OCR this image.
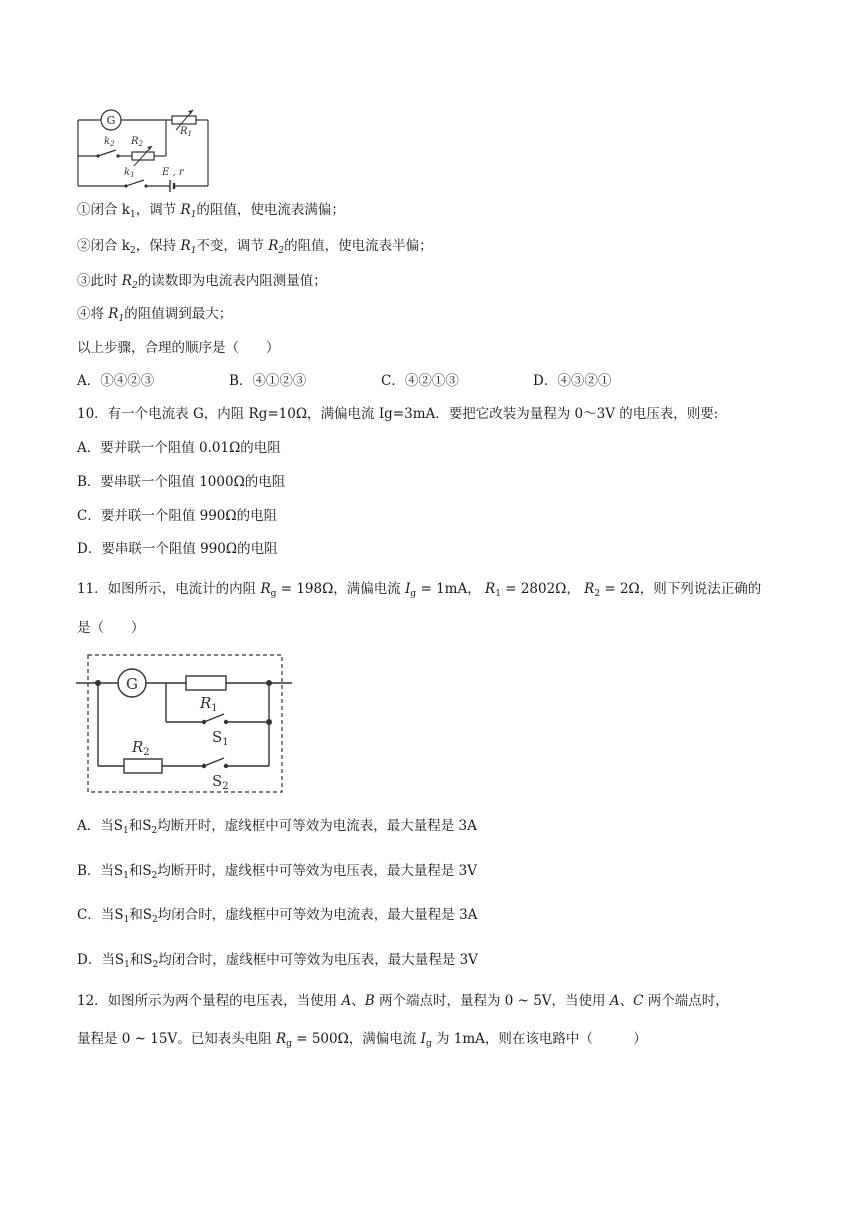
G
$R_1$
$k_2$ $R_2$
$k_1$	E , r
①闭合 $k_1$，调节 $R_1$的阻值，使电流表满偏；
②闭合 $k_2$，保持 $R_1$不变，调节 $R_2$的阻值，使电流表半偏；
③此时 $R_2$的读数即为电流表内阻测量值；
④将 $R_1$的阻值调到最大；
以上步骤，合理的顺序是（　　）
A．①④②③	B．④①②③	C．④②①③	D．④③②①
10．有一个电流表 G，内阻 Rg=10Ω，满偏电流 Ig=3mA．要把它改装为量程为 0～3V 的电压表，则要:
A．要并联一个阻值 0.01Ω的电阻
B．要串联一个阻值 1000Ω的电阻
C．要并联一个阻值 990Ω的电阻
D．要串联一个阻值 990Ω的电阻
11．如图所示，电流计的内阻 $R_g = 198\Omega$，满偏电流 $I_g = 1mA$， $R_1 = 2802\Omega$， $R_2 = 2\Omega$，则下列说法正确的
是（　　）
G
$R_1$
$S_1$
$R_2$
$S_2$
A．当$S_1$和$S_2$均断开时，虚线框中可等效为电流表，最大量程是 3A
B．当$S_1$和$S_2$均断开时，虚线框中可等效为电压表，最大量程是 3V
C．当$S_1$和$S_2$均闭合时，虚线框中可等效为电流表，最大量程是 3A
D．当$S_1$和$S_2$均闭合时，虚线框中可等效为电压表，最大量程是 3V
12．如图所示为两个量程的电压表，当使用 A、B 两个端点时，量程为 0 ~ 5V，当使用 A、C 两个端点时，
量程是 0 ~ 15V。已知表头电阻 $R_g = 500\Omega$，满偏电流 $I_g$ 为 1mA，则在该电路中（　　　）
